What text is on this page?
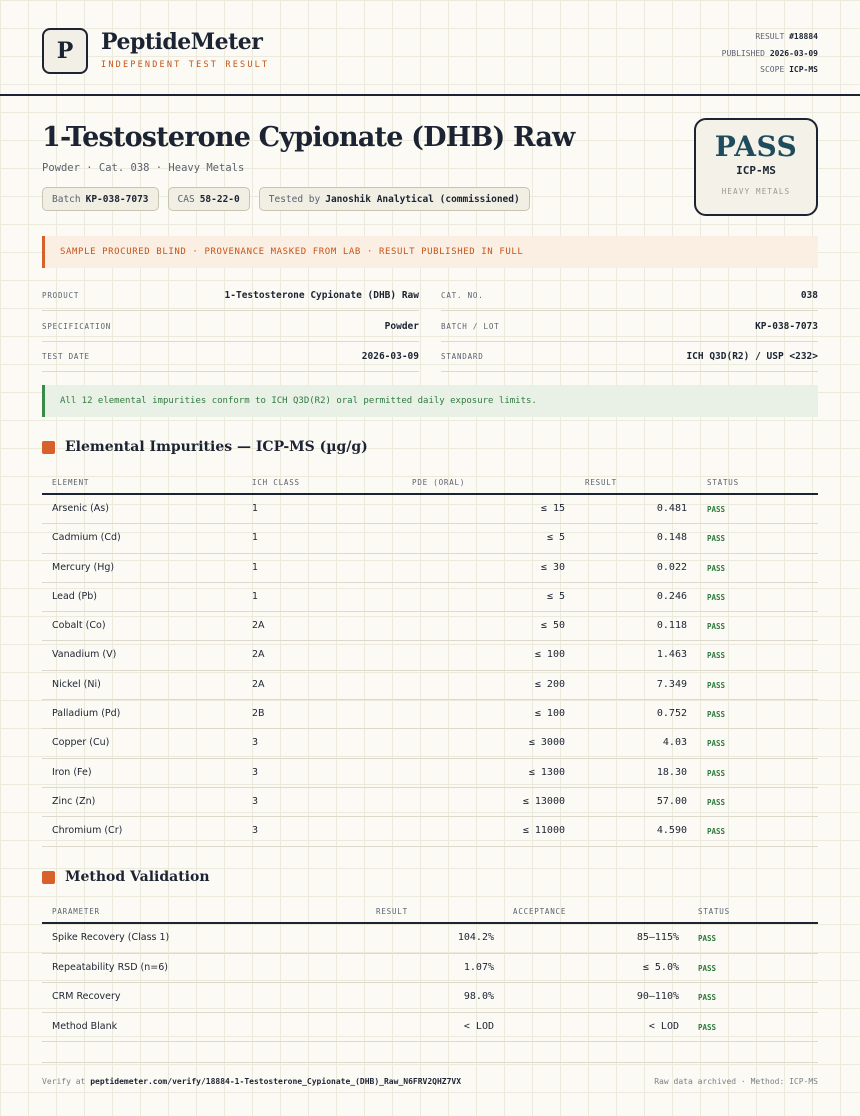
P	PeptideMeter
INDEPENDENT TEST RESULT
RESULT #18884
PUBLISHED 2026-03-09
SCOPE ICP-MS
1-Testosterone Cypionate (DHB) Raw
Powder · Cat. 038 · Heavy Metals
Batch KP-038-7073	CAS 58-22-0	Tested by Janoshik Analytical (commissioned)
PASS
ICP-MS
HEAVY METALS
SAMPLE PROCURED BLIND · PROVENANCE MASKED FROM LAB · RESULT PUBLISHED IN FULL
PRODUCT	1-Testosterone Cypionate (DHB) Raw
SPECIFICATION	Powder
TEST DATE	2026-03-09
CAT. NO.	038
BATCH / LOT	KP-038-7073
STANDARD	ICH Q3D(R2) / USP <232>
All 12 elemental impurities conform to ICH Q3D(R2) oral permitted daily exposure limits.
Elemental Impurities — ICP-MS (µg/g)
ELEMENT	ICH CLASS	PDE (ORAL)	RESULT	STATUS
Arsenic (As)	1	≤ 15	0.481	PASS
Cadmium (Cd)	1	≤ 5	0.148	PASS
Mercury (Hg)	1	≤ 30	0.022	PASS
Lead (Pb)	1	≤ 5	0.246	PASS
Cobalt (Co)	2A	≤ 50	0.118	PASS
Vanadium (V)	2A	≤ 100	1.463	PASS
Nickel (Ni)	2A	≤ 200	7.349	PASS
Palladium (Pd)	2B	≤ 100	0.752	PASS
Copper (Cu)	3	≤ 3000	4.03	PASS
Iron (Fe)	3	≤ 1300	18.30	PASS
Zinc (Zn)	3	≤ 13000	57.00	PASS
Chromium (Cr)	3	≤ 11000	4.590	PASS
Method Validation
PARAMETER	RESULT	ACCEPTANCE	STATUS
Spike Recovery (Class 1)	104.2%	85–115%	PASS
Repeatability RSD (n=6)	1.07%	≤ 5.0%	PASS
CRM Recovery	98.0%	90–110%	PASS
Method Blank	< LOD	< LOD	PASS
Verify at peptidemeter.com/verify/18884-1-Testosterone_Cypionate_(DHB)_Raw_N6FRV2QHZ7VX	Raw data archived · Method: ICP-MS
